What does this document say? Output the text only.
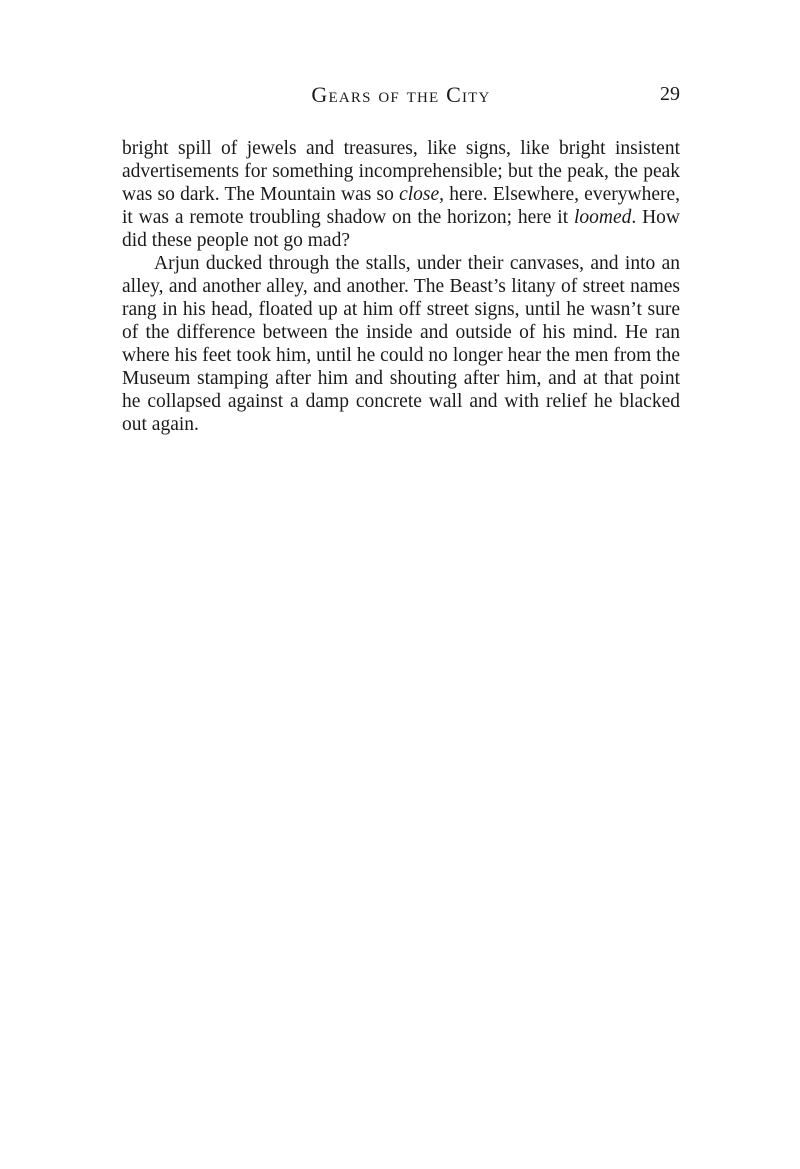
Gears of the City	29

bright spill of jewels and treasures, like signs, like bright insistent advertisements for something incomprehensible; but the peak, the peak was so dark. The Mountain was so close, here. Elsewhere, everywhere, it was a remote troubling shadow on the horizon; here it loomed. How did these people not go mad?

Arjun ducked through the stalls, under their canvases, and into an alley, and another alley, and another. The Beast’s litany of street names rang in his head, floated up at him off street signs, until he wasn’t sure of the difference between the inside and outside of his mind. He ran where his feet took him, until he could no longer hear the men from the Museum stamping after him and shouting after him, and at that point he collapsed against a damp concrete wall and with relief he blacked out again.
